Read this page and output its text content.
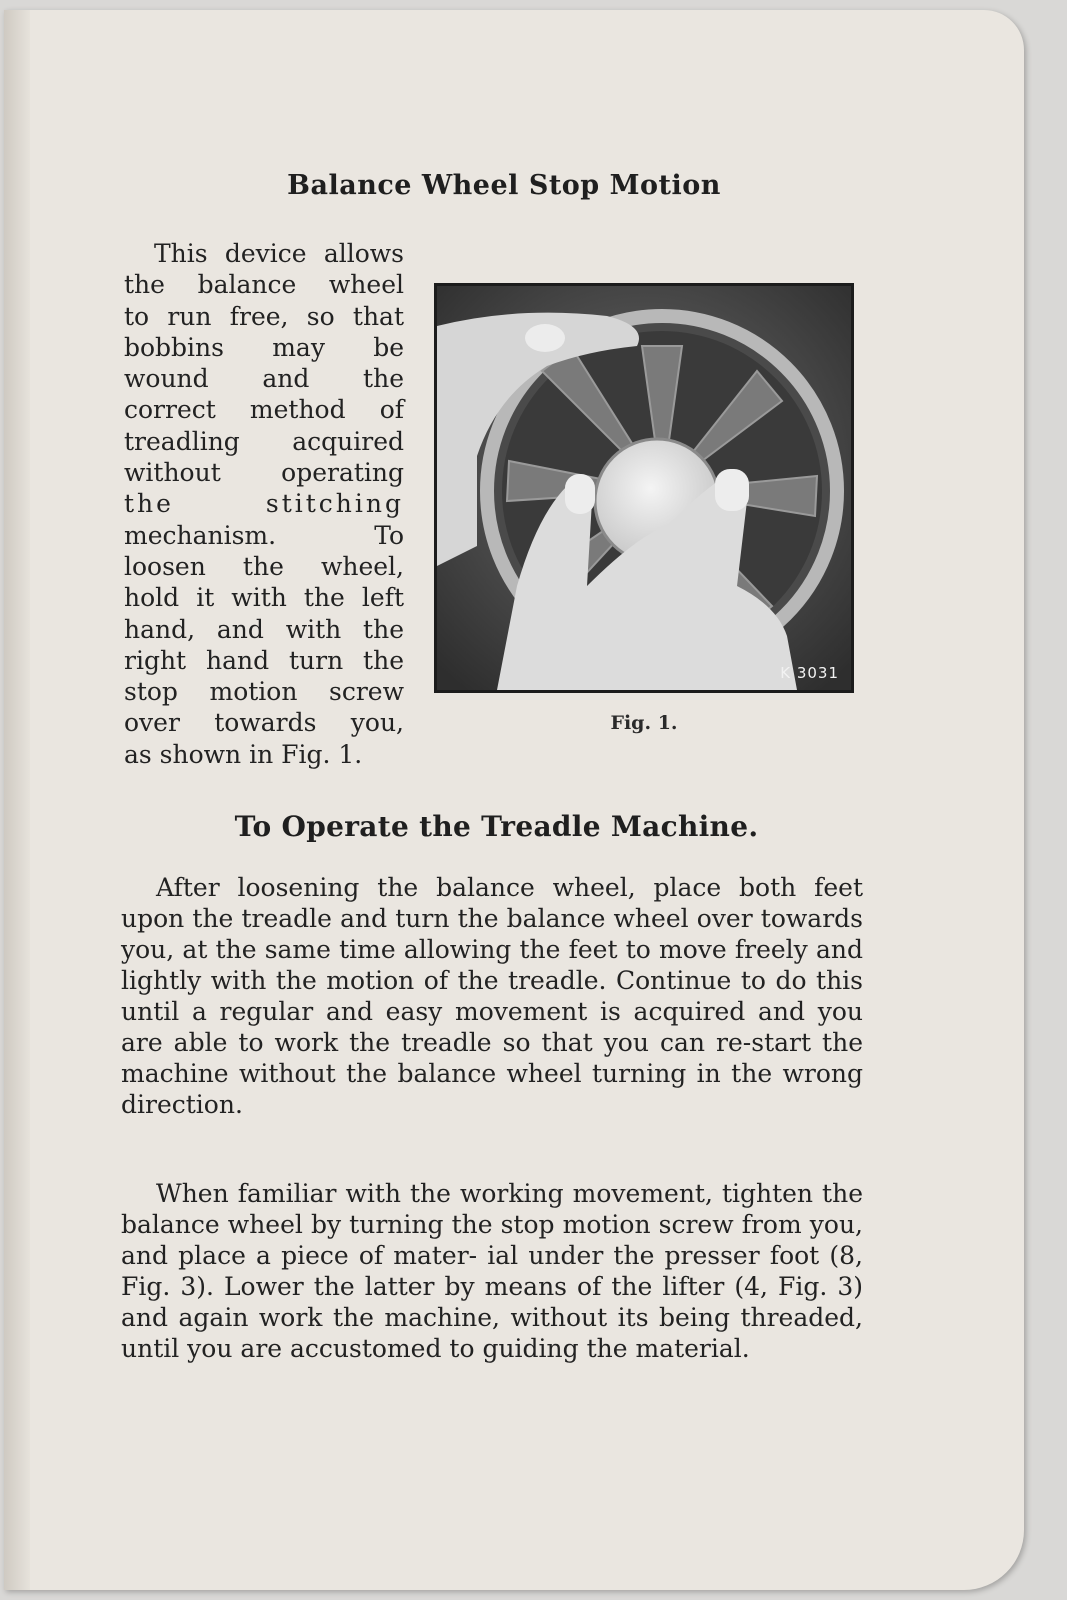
Balance Wheel Stop Motion
This device allows
the balance wheel
to run free, so that
bobbins may be
wound and the
correct method of
treadling acquired
without operating
the stitching
mechanism. To
loosen the wheel,
hold it with the left
hand, and with the
right hand turn the
stop motion screw
over towards you,
as shown in Fig. 1.
K 3031
Fig. 1.
To Operate the Treadle Machine.

After loosening the balance wheel, place both feet upon the treadle and turn the balance wheel over towards you, at the same time allowing the feet to move freely and lightly with the motion of the treadle. Continue to do this until a regular and easy movement is acquired and you are able to work the treadle so that you can re-start the machine without the balance wheel turning in the wrong direction.

When familiar with the working movement, tighten the balance wheel by turning the stop motion screw from you, and place a piece of mater- ial under the presser foot (8, Fig. 3). Lower the latter by means of the lifter (4, Fig. 3) and again work the machine, without its being threaded, until you are accustomed to guiding the material.
